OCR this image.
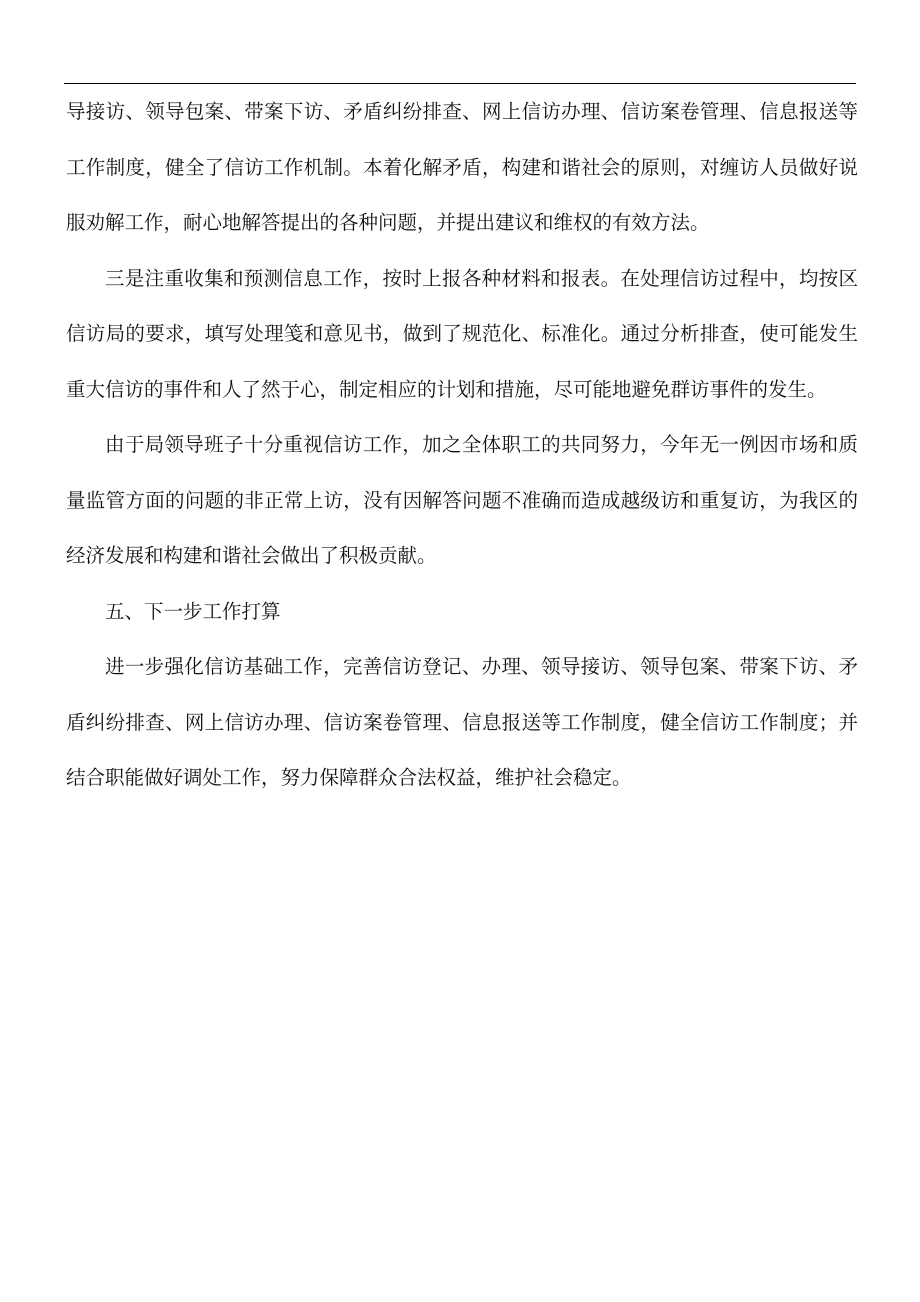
导接访、领导包案、带案下访、矛盾纠纷排查、网上信访办理、信访案卷管理、信息报送等工作制度，健全了信访工作机制。本着化解矛盾，构建和谐社会的原则，对缠访人员做好说服劝解工作，耐心地解答提出的各种问题，并提出建议和维权的有效方法。

三是注重收集和预测信息工作，按时上报各种材料和报表。在处理信访过程中，均按区信访局的要求，填写处理笺和意见书，做到了规范化、标准化。通过分析排查，使可能发生重大信访的事件和人了然于心，制定相应的计划和措施，尽可能地避免群访事件的发生。

由于局领导班子十分重视信访工作，加之全体职工的共同努力，今年无一例因市场和质量监管方面的问题的非正常上访，没有因解答问题不准确而造成越级访和重复访，为我区的经济发展和构建和谐社会做出了积极贡献。

五、下一步工作打算

进一步强化信访基础工作，完善信访登记、办理、领导接访、领导包案、带案下访、矛盾纠纷排查、网上信访办理、信访案卷管理、信息报送等工作制度，健全信访工作制度；并结合职能做好调处工作，努力保障群众合法权益，维护社会稳定。
